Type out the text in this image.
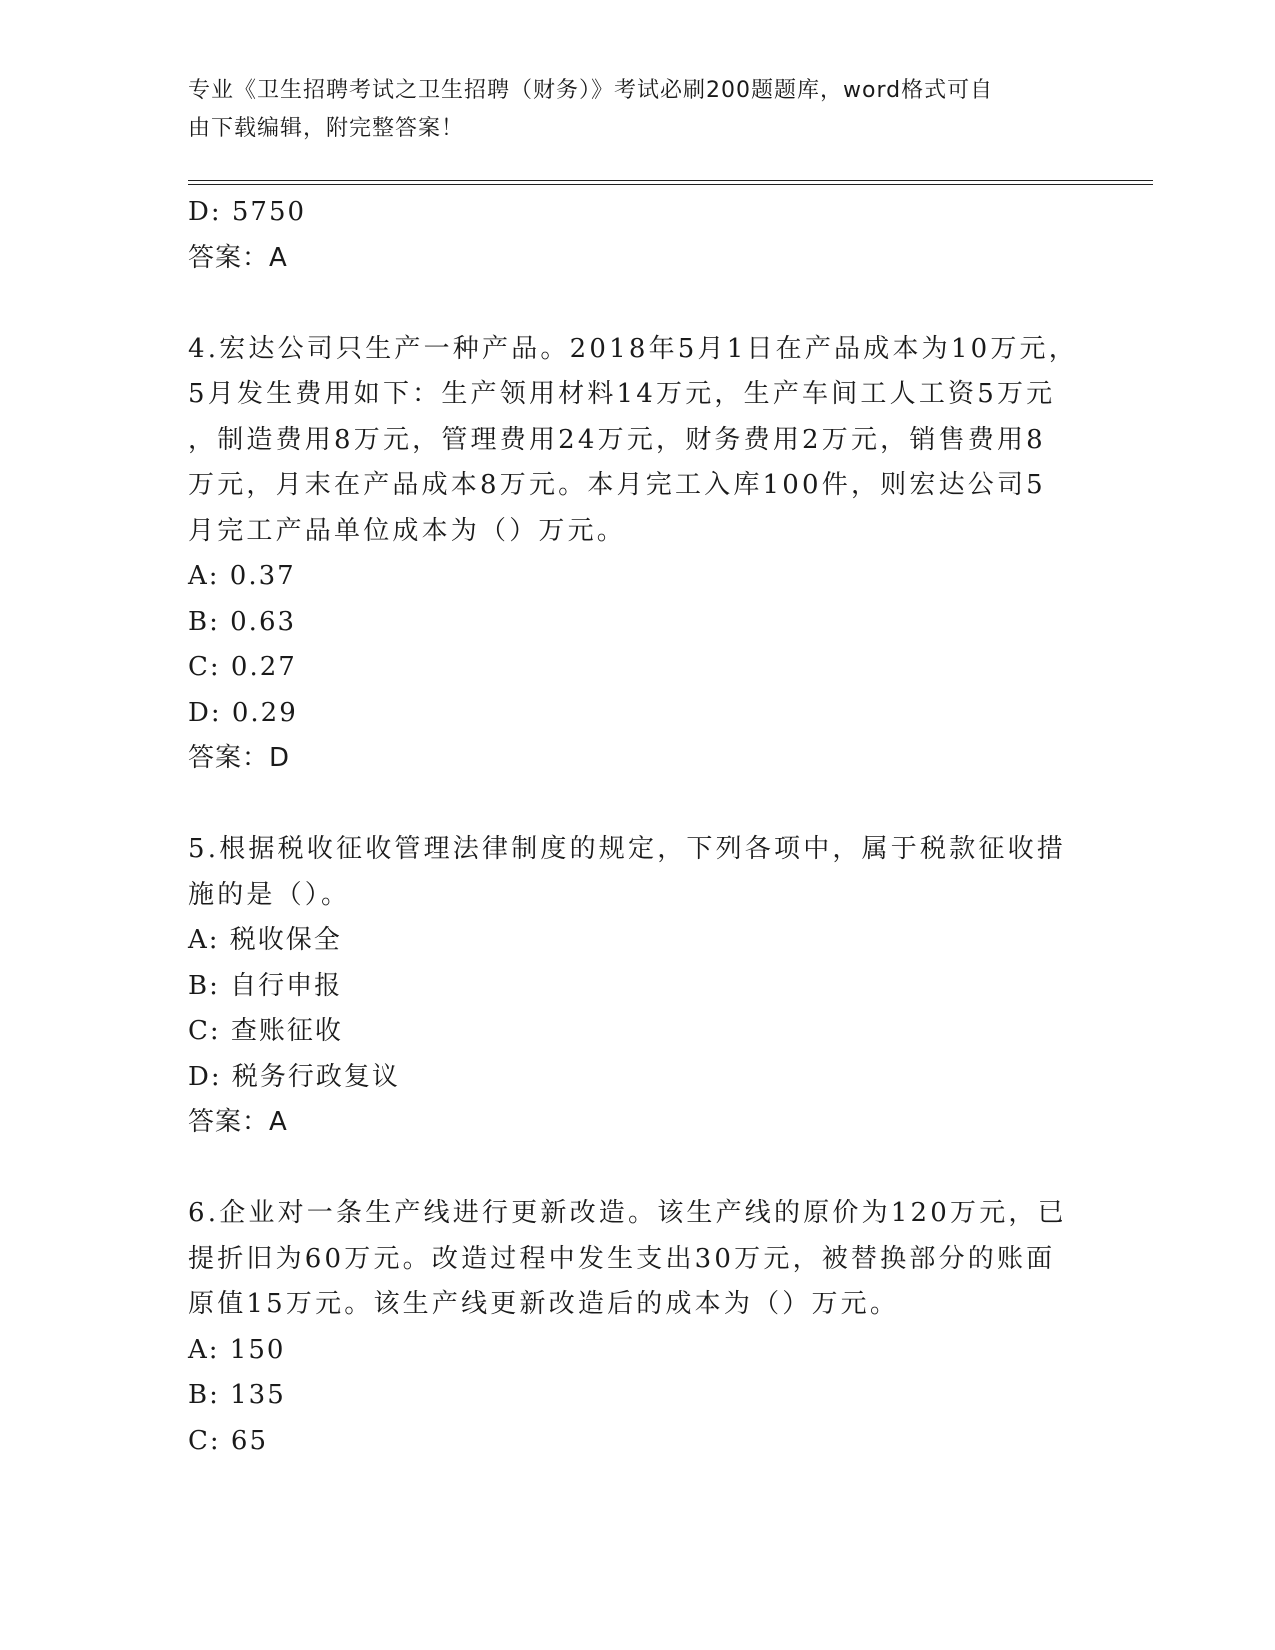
专业《卫生招聘考试之卫生招聘（财务）》考试必刷200题题库，word格式可自
由下载编辑，附完整答案！
D: 5750
答案：A
4.宏达公司只生产一种产品。2018年5月1日在产品成本为10万元，
5月发生费用如下：生产领用材料14万元，生产车间工人工资5万元
，制造费用8万元，管理费用24万元，财务费用2万元，销售费用8
万元，月末在产品成本8万元。本月完工入库100件，则宏达公司5
月完工产品单位成本为（）万元。
A: 0.37
B: 0.63
C: 0.27
D: 0.29
答案：D
5.根据税收征收管理法律制度的规定，下列各项中，属于税款征收措
施的是（）。
A: 税收保全
B: 自行申报
C: 查账征收
D: 税务行政复议
答案：A
6.企业对一条生产线进行更新改造。该生产线的原价为120万元，已
提折旧为60万元。改造过程中发生支出30万元，被替换部分的账面
原值15万元。该生产线更新改造后的成本为（）万元。
A: 150
B: 135
C: 65
